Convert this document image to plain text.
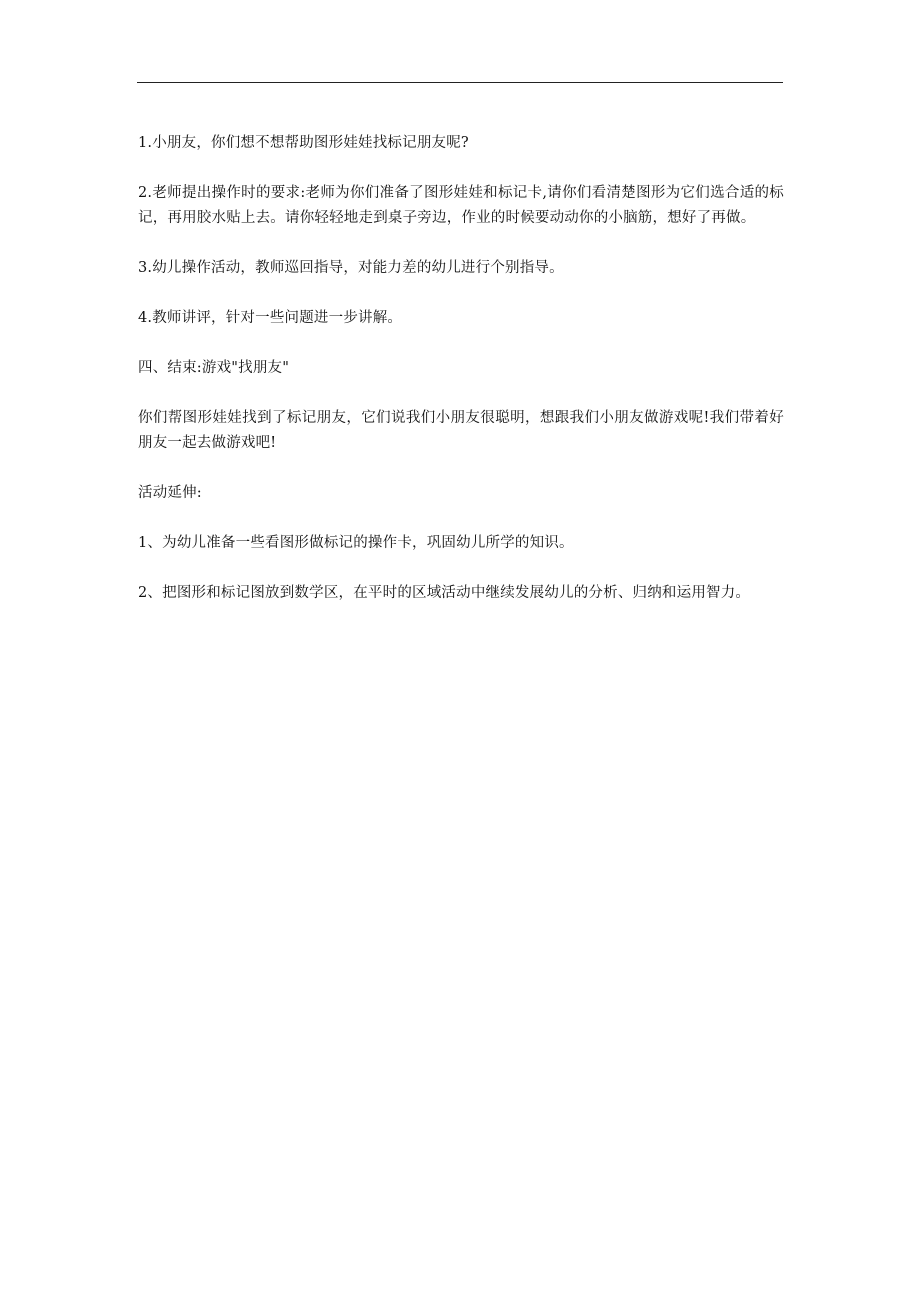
1.小朋友，你们想不想帮助图形娃娃找标记朋友呢?

2.老师提出操作时的要求:老师为你们准备了图形娃娃和标记卡,请你们看清楚图形为它们选合适的标记，再用胶水贴上去。请你轻轻地走到桌子旁边，作业的时候要动动你的小脑筋，想好了再做。

3.幼儿操作活动，教师巡回指导，对能力差的幼儿进行个别指导。

4.教师讲评，针对一些问题进一步讲解。

四、结束:游戏"找朋友"

你们帮图形娃娃找到了标记朋友，它们说我们小朋友很聪明，想跟我们小朋友做游戏呢!我们带着好朋友一起去做游戏吧!

活动延伸:

1、为幼儿准备一些看图形做标记的操作卡，巩固幼儿所学的知识。

2、把图形和标记图放到数学区，在平时的区域活动中继续发展幼儿的分析、归纳和运用智力。
